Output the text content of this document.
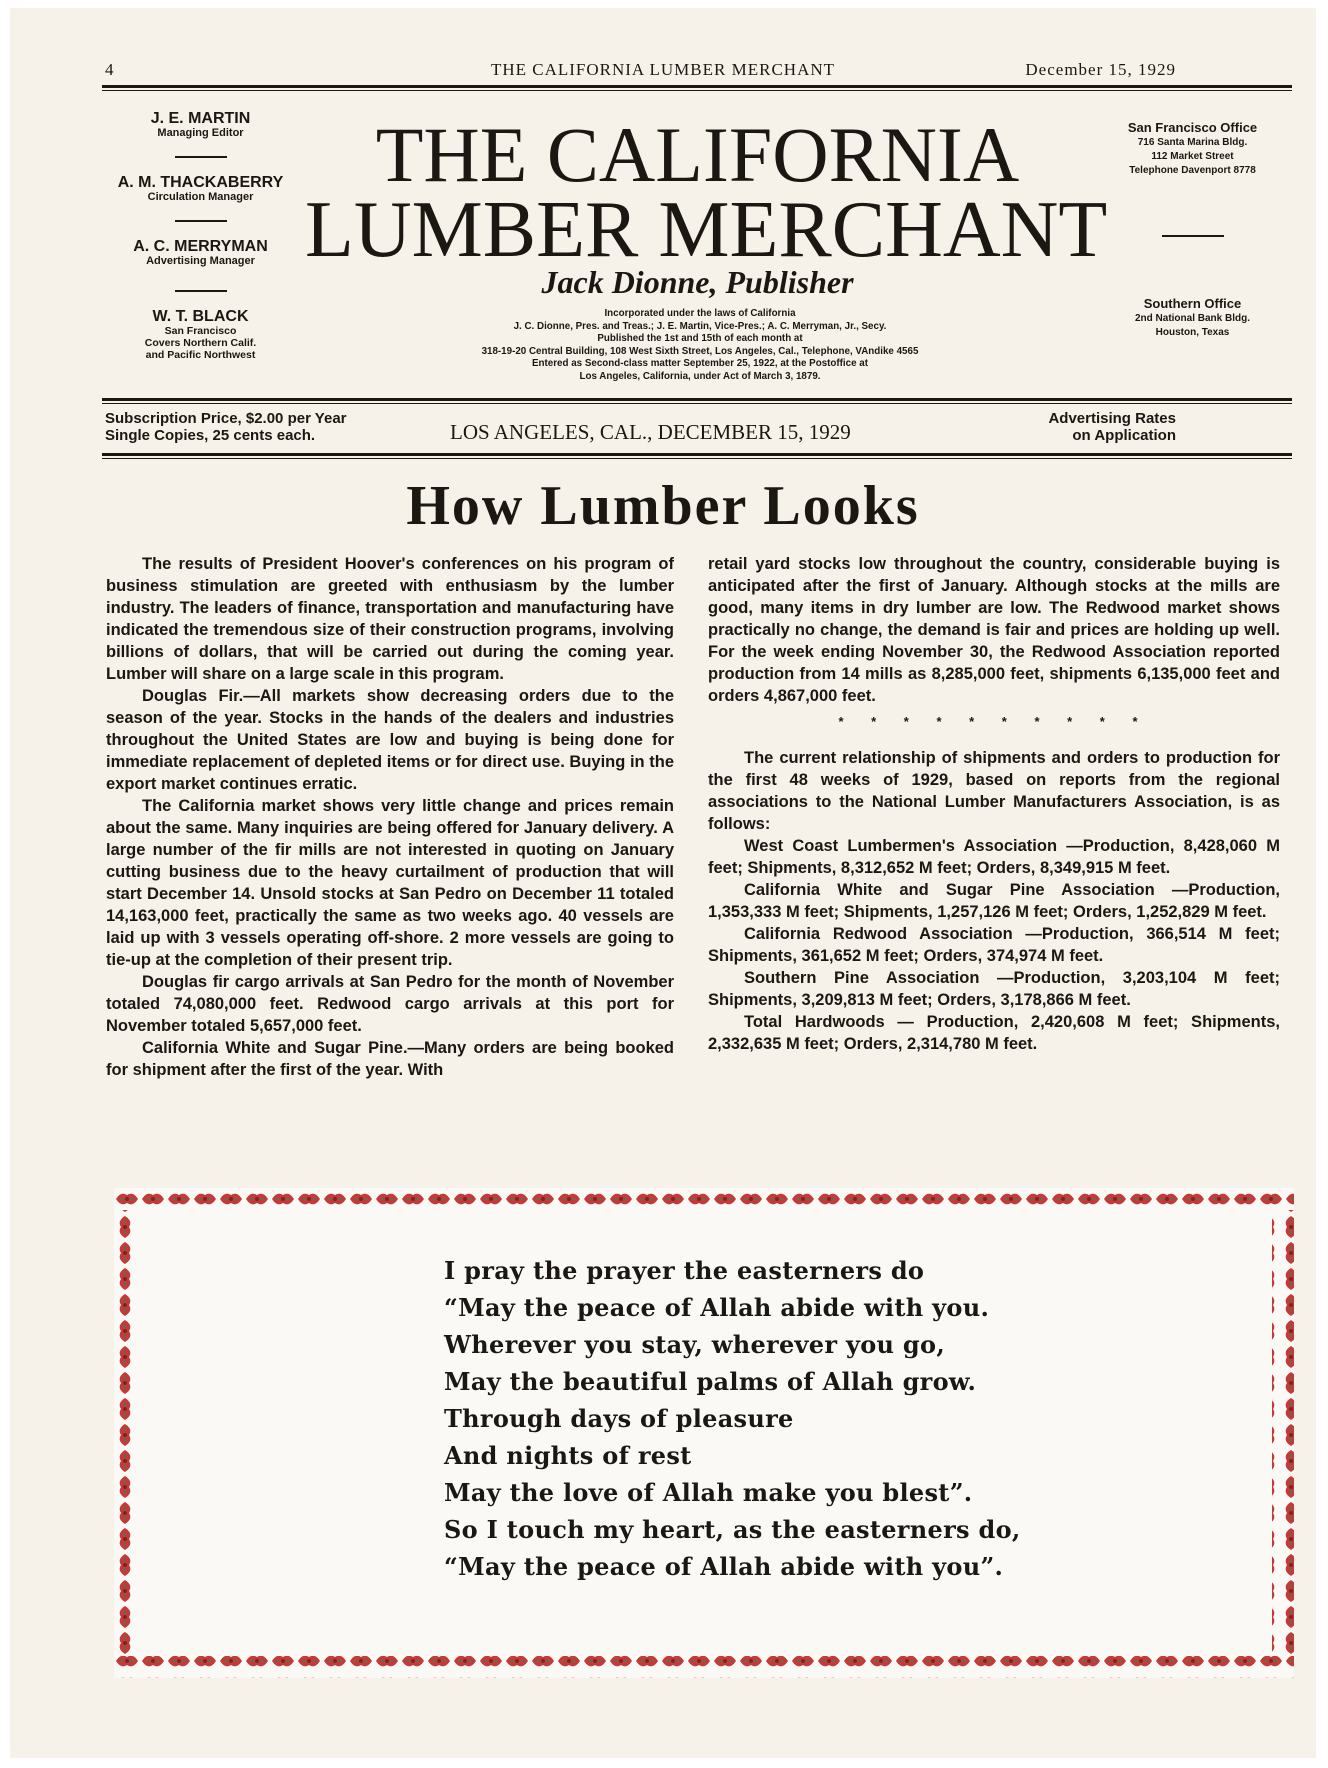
4	THE CALIFORNIA LUMBER MERCHANT	December 15, 1929
J. E. MARTIN
Managing Editor
A. M. THACKABERRY
Circulation Manager
A. C. MERRYMAN
Advertising Manager
W. T. BLACK
San Francisco
Covers Northern Calif.
and Pacific Northwest
THE CALIFORNIA
LUMBER MERCHANT
Jack Dionne, Publisher
Incorporated under the laws of California
J. C. Dionne, Pres. and Treas.; J. E. Martin, Vice-Pres.; A. C. Merryman, Jr., Secy.
Published the 1st and 15th of each month at
318-19-20 Central Building, 108 West Sixth Street, Los Angeles, Cal., Telephone, VAndike 4565
Entered as Second-class matter September 25, 1922, at the Postoffice at
Los Angeles, California, under Act of March 3, 1879.
San Francisco Office
716 Santa Marina Bldg.
112 Market Street
Telephone Davenport 8778
Southern Office
2nd National Bank Bldg.
Houston, Texas
Subscription Price, $2.00 per Year
Single Copies, 25 cents each.	LOS ANGELES, CAL., DECEMBER 15, 1929
Advertising Rates
on Application
How Lumber Looks

The results of President Hoover's conferences on his program of business stimulation are greeted with enthusiasm by the lumber industry. The leaders of finance, transportation and manufacturing have indicated the tremendous size of their construction programs, involving billions of dollars, that will be carried out during the coming year. Lumber will share on a large scale in this program.

Douglas Fir.—All markets show decreasing orders due to the season of the year. Stocks in the hands of the dealers and industries throughout the United States are low and buying is being done for immediate replacement of depleted items or for direct use. Buying in the export market continues erratic.

The California market shows very little change and prices remain about the same. Many inquiries are being offered for January delivery. A large number of the fir mills are not interested in quoting on January cutting business due to the heavy curtailment of production that will start December 14. Unsold stocks at San Pedro on December 11 totaled 14,163,000 feet, practically the same as two weeks ago. 40 vessels are laid up with 3 vessels operating off-shore. 2 more vessels are going to tie-up at the completion of their present trip.

Douglas fir cargo arrivals at San Pedro for the month of November totaled 74,080,000 feet. Redwood cargo arrivals at this port for November totaled 5,657,000 feet.

California White and Sugar Pine.—Many orders are being booked for shipment after the first of the year. With

retail yard stocks low throughout the country, considerable buying is anticipated after the first of January. Although stocks at the mills are good, many items in dry lumber are low. The Redwood market shows practically no change, the demand is fair and prices are holding up well. For the week ending November 30, the Redwood Association reported production from 14 mills as 8,285,000 feet, shipments 6,135,000 feet and orders 4,867,000 feet.

* * * * * * * * * *

The current relationship of shipments and orders to production for the first 48 weeks of 1929, based on reports from the regional associations to the National Lumber Manufacturers Association, is as follows:

West Coast Lumbermen's Association —Production, 8,428,060 M feet; Shipments, 8,312,652 M feet; Orders, 8,349,915 M feet.

California White and Sugar Pine Association —Production, 1,353,333 M feet; Shipments, 1,257,126 M feet; Orders, 1,252,829 M feet.

California Redwood Association —Production, 366,514 M feet; Shipments, 361,652 M feet; Orders, 374,974 M feet.

Southern Pine Association —Production, 3,203,104 M feet; Shipments, 3,209,813 M feet; Orders, 3,178,866 M feet.

Total Hardwoods — Production, 2,420,608 M feet; Shipments, 2,332,635 M feet; Orders, 2,314,780 M feet.

I pray the prayer the easterners do
“May the peace of Allah abide with you.
Wherever you stay, wherever you go,
May the beautiful palms of Allah grow.
Through days of pleasure
And nights of rest
May the love of Allah make you blest”.
So I touch my heart, as the easterners do,
“May the peace of Allah abide with you”.
